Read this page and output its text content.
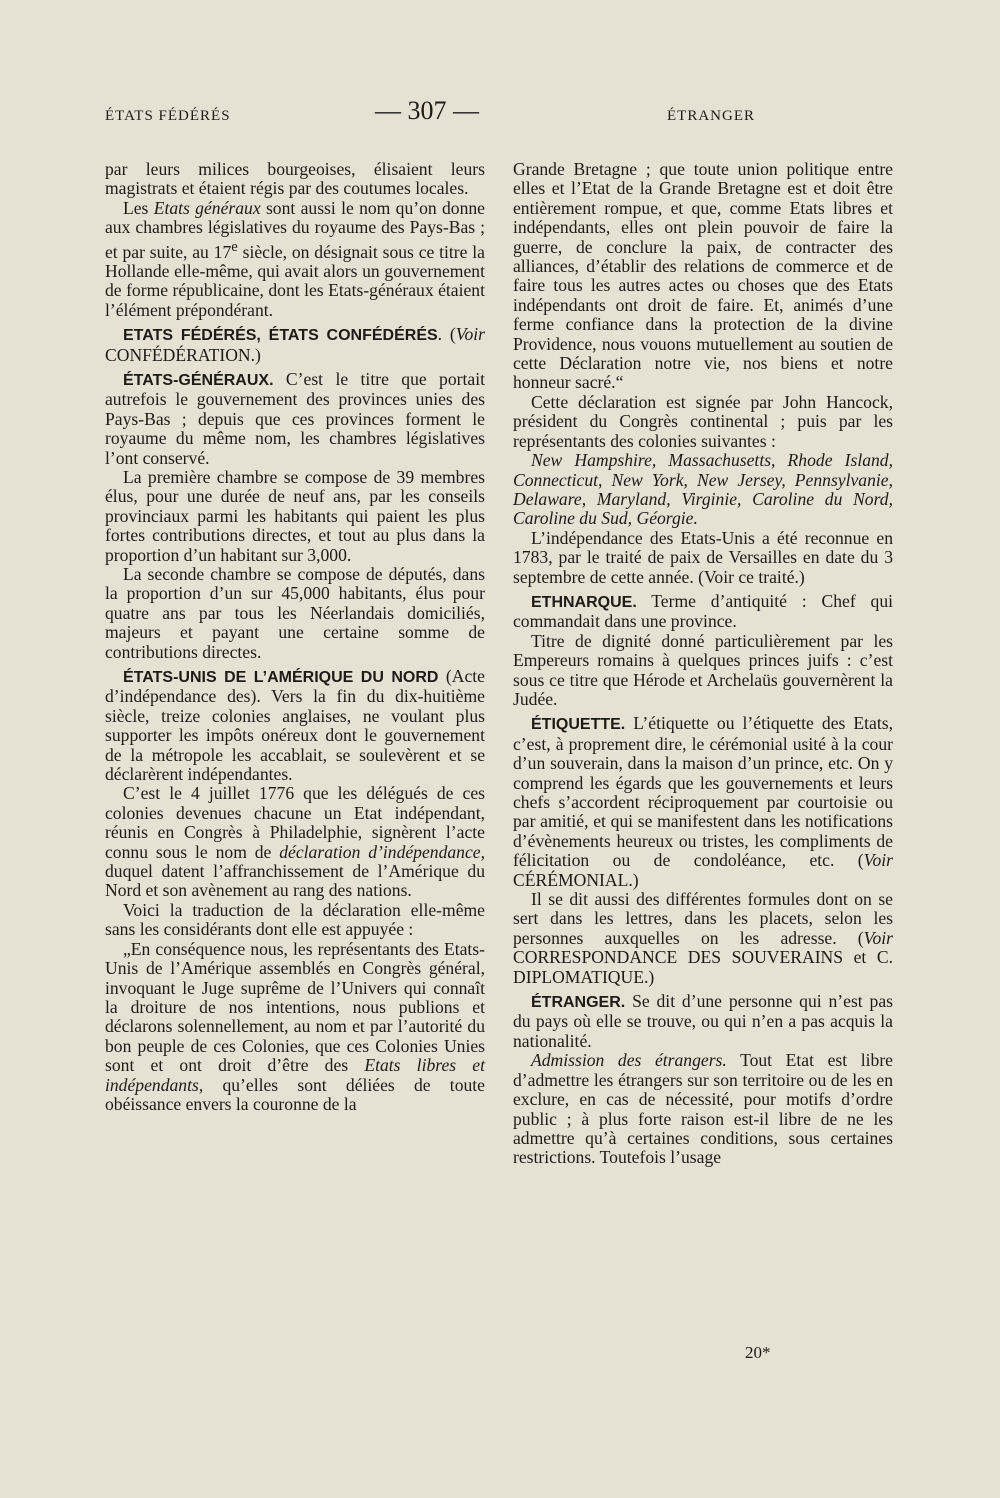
ÉTATS FÉDÉRÉS	— 307 —	ÉTRANGER

par leurs milices bourgeoises, élisaient leurs magistrats et étaient régis par des coutumes locales.

Les Etats généraux sont aussi le nom qu’on donne aux chambres législatives du royaume des Pays-Bas ; et par suite, au 17e siècle, on désignait sous ce titre la Hollande elle-même, qui avait alors un gouvernement de forme républicaine, dont les Etats-généraux étaient l’élément prépondérant.

ETATS FÉDÉRÉS, ÉTATS CONFÉDÉRÉS. (Voir CONFÉDÉRATION.)

ÉTATS-GÉNÉRAUX. C’est le titre que portait autrefois le gouvernement des provinces unies des Pays-Bas ; depuis que ces provinces forment le royaume du même nom, les chambres législatives l’ont conservé.

La première chambre se compose de 39 membres élus, pour une durée de neuf ans, par les conseils provinciaux parmi les habitants qui paient les plus fortes contributions directes, et tout au plus dans la proportion d’un habitant sur 3,000.

La seconde chambre se compose de députés, dans la proportion d’un sur 45,000 habitants, élus pour quatre ans par tous les Néerlandais domiciliés, majeurs et payant une certaine somme de contributions directes.

ÉTATS-UNIS DE L’AMÉRIQUE DU NORD (Acte d’indépendance des). Vers la fin du dix-huitième siècle, treize colonies anglaises, ne voulant plus supporter les impôts onéreux dont le gouvernement de la métropole les accablait, se soulevèrent et se déclarèrent indépendantes.

C’est le 4 juillet 1776 que les délégués de ces colonies devenues chacune un Etat indépendant, réunis en Congrès à Philadelphie, signèrent l’acte connu sous le nom de déclaration d’indépendance, duquel datent l’affranchissement de l’Amérique du Nord et son avènement au rang des nations.

Voici la traduction de la déclaration elle-même sans les considérants dont elle est appuyée :

„En conséquence nous, les représentants des Etats-Unis de l’Amérique assemblés en Congrès général, invoquant le Juge suprême de l’Univers qui connaît la droiture de nos intentions, nous publions et déclarons solennellement, au nom et par l’autorité du bon peuple de ces Colonies, que ces Colonies Unies sont et ont droit d’être des Etats libres et indépendants, qu’elles sont déliées de toute obéissance envers la couronne de la

Grande Bretagne ; que toute union politique entre elles et l’Etat de la Grande Bretagne est et doit être entièrement rompue, et que, comme Etats libres et indépendants, elles ont plein pouvoir de faire la guerre, de conclure la paix, de contracter des alliances, d’établir des relations de commerce et de faire tous les autres actes ou choses que des Etats indépendants ont droit de faire. Et, animés d’une ferme confiance dans la protection de la divine Providence, nous vouons mutuellement au soutien de cette Déclaration notre vie, nos biens et notre honneur sacré.“

Cette déclaration est signée par John Hancock, président du Congrès continental ; puis par les représentants des colonies suivantes :

New Hampshire, Massachusetts, Rhode Island, Connecticut, New York, New Jersey, Pennsylvanie, Delaware, Maryland, Virginie, Caroline du Nord, Caroline du Sud, Géorgie.

L’indépendance des Etats-Unis a été reconnue en 1783, par le traité de paix de Versailles en date du 3 septembre de cette année. (Voir ce traité.)

ETHNARQUE. Terme d’antiquité : Chef qui commandait dans une province.

Titre de dignité donné particulièrement par les Empereurs romains à quelques princes juifs : c’est sous ce titre que Hérode et Archelaüs gouvernèrent la Judée.

ÉTIQUETTE. L’étiquette ou l’étiquette des Etats, c’est, à proprement dire, le cérémonial usité à la cour d’un souverain, dans la maison d’un prince, etc. On y comprend les égards que les gouvernements et leurs chefs s’accordent réciproquement par courtoisie ou par amitié, et qui se manifestent dans les notifications d’évènements heureux ou tristes, les compliments de félicitation ou de condoléance, etc. (Voir CÉRÉMONIAL.)

Il se dit aussi des différentes formules dont on se sert dans les lettres, dans les placets, selon les personnes auxquelles on les adresse. (Voir CORRESPONDANCE DES SOUVERAINS et C. DIPLOMATIQUE.)

ÉTRANGER. Se dit d’une personne qui n’est pas du pays où elle se trouve, ou qui n’en a pas acquis la nationalité.

Admission des étrangers. Tout Etat est libre d’admettre les étrangers sur son territoire ou de les en exclure, en cas de nécessité, pour motifs d’ordre public ; à plus forte raison est-il libre de ne les admettre qu’à certaines conditions, sous certaines restrictions. Toutefois l’usage

20*
